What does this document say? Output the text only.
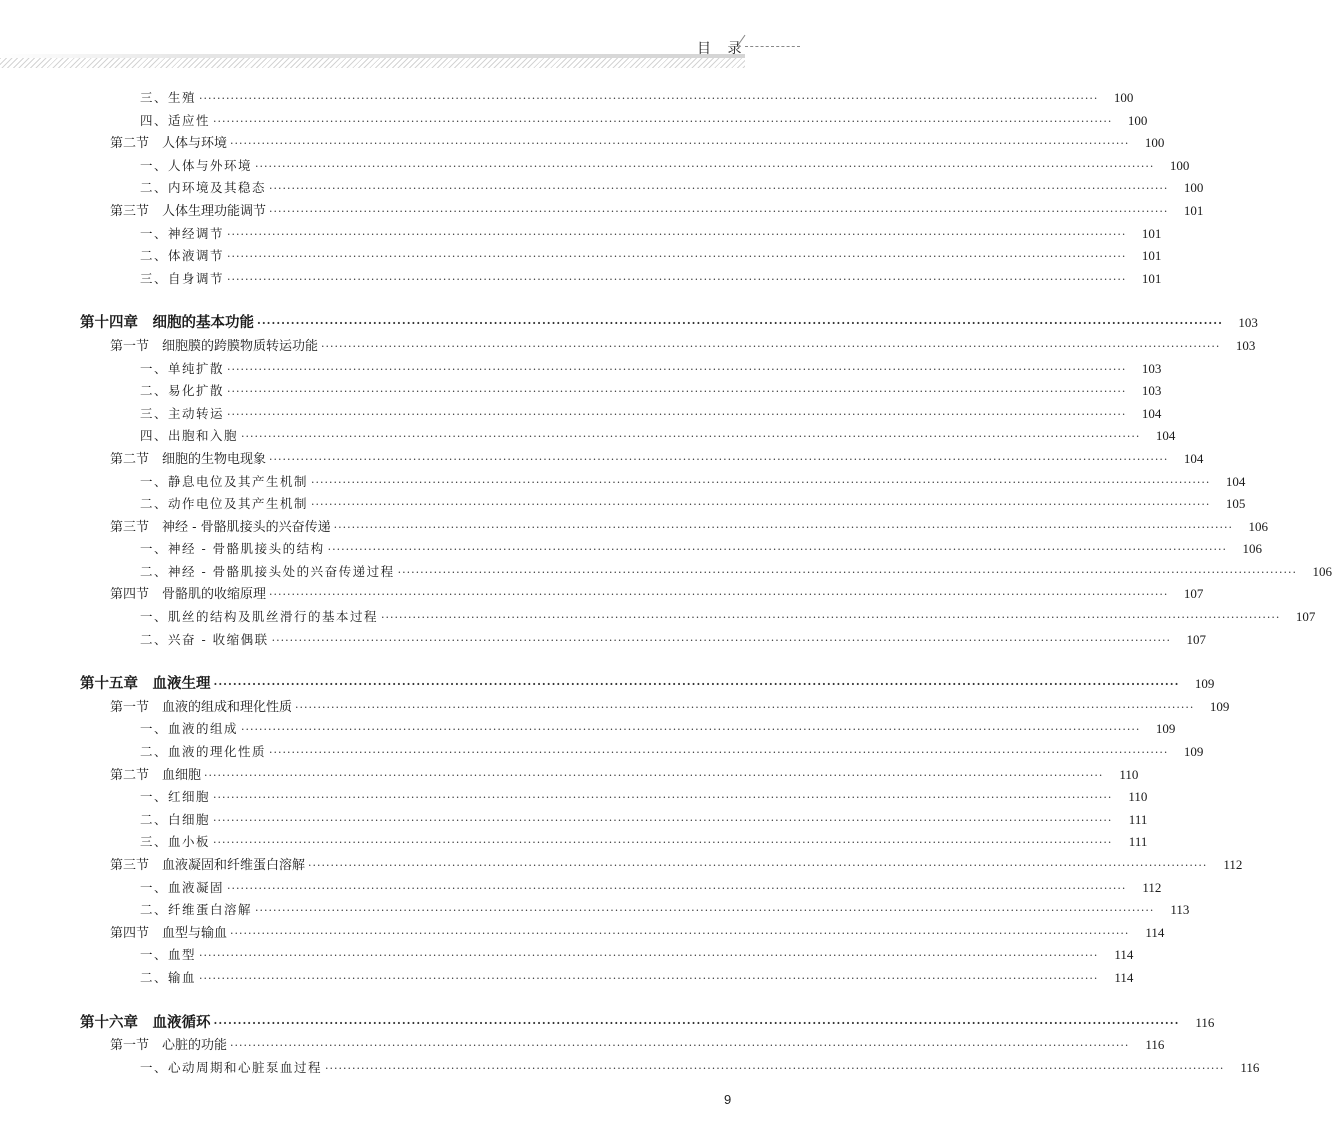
目 录
三、生殖 ········································································································································································································	100
四、适应性 ········································································································································································································	100
第二节　人体与环境 ········································································································································································································	100
一、人体与外环境 ········································································································································································································	100
二、内环境及其稳态 ········································································································································································································	100
第三节　人体生理功能调节 ········································································································································································································	101
一、神经调节 ········································································································································································································	101
二、体液调节 ········································································································································································································	101
三、自身调节 ········································································································································································································	101
第十四章　细胞的基本功能 ········································································································································································································	103
第一节　细胞膜的跨膜物质转运功能 ········································································································································································································	103
一、单纯扩散 ········································································································································································································	103
二、易化扩散 ········································································································································································································	103
三、主动转运 ········································································································································································································	104
四、出胞和入胞 ········································································································································································································	104
第二节　细胞的生物电现象 ········································································································································································································	104
一、静息电位及其产生机制 ········································································································································································································	104
二、动作电位及其产生机制 ········································································································································································································	105
第三节　神经 - 骨骼肌接头的兴奋传递 ········································································································································································································	106
一、神经 - 骨骼肌接头的结构 ········································································································································································································	106
二、神经 - 骨骼肌接头处的兴奋传递过程 ········································································································································································································	106
第四节　骨骼肌的收缩原理 ········································································································································································································	107
一、肌丝的结构及肌丝滑行的基本过程 ········································································································································································································	107
二、兴奋 - 收缩偶联 ········································································································································································································	107
第十五章　血液生理 ········································································································································································································	109
第一节　血液的组成和理化性质 ········································································································································································································	109
一、血液的组成 ········································································································································································································	109
二、血液的理化性质 ········································································································································································································	109
第二节　血细胞 ········································································································································································································	110
一、红细胞 ········································································································································································································	110
二、白细胞 ········································································································································································································	111
三、血小板 ········································································································································································································	111
第三节　血液凝固和纤维蛋白溶解 ········································································································································································································	112
一、血液凝固 ········································································································································································································	112
二、纤维蛋白溶解 ········································································································································································································	113
第四节　血型与输血 ········································································································································································································	114
一、血型 ········································································································································································································	114
二、输血 ········································································································································································································	114
第十六章　血液循环 ········································································································································································································	116
第一节　心脏的功能 ········································································································································································································	116
一、心动周期和心脏泵血过程 ········································································································································································································	116
9
